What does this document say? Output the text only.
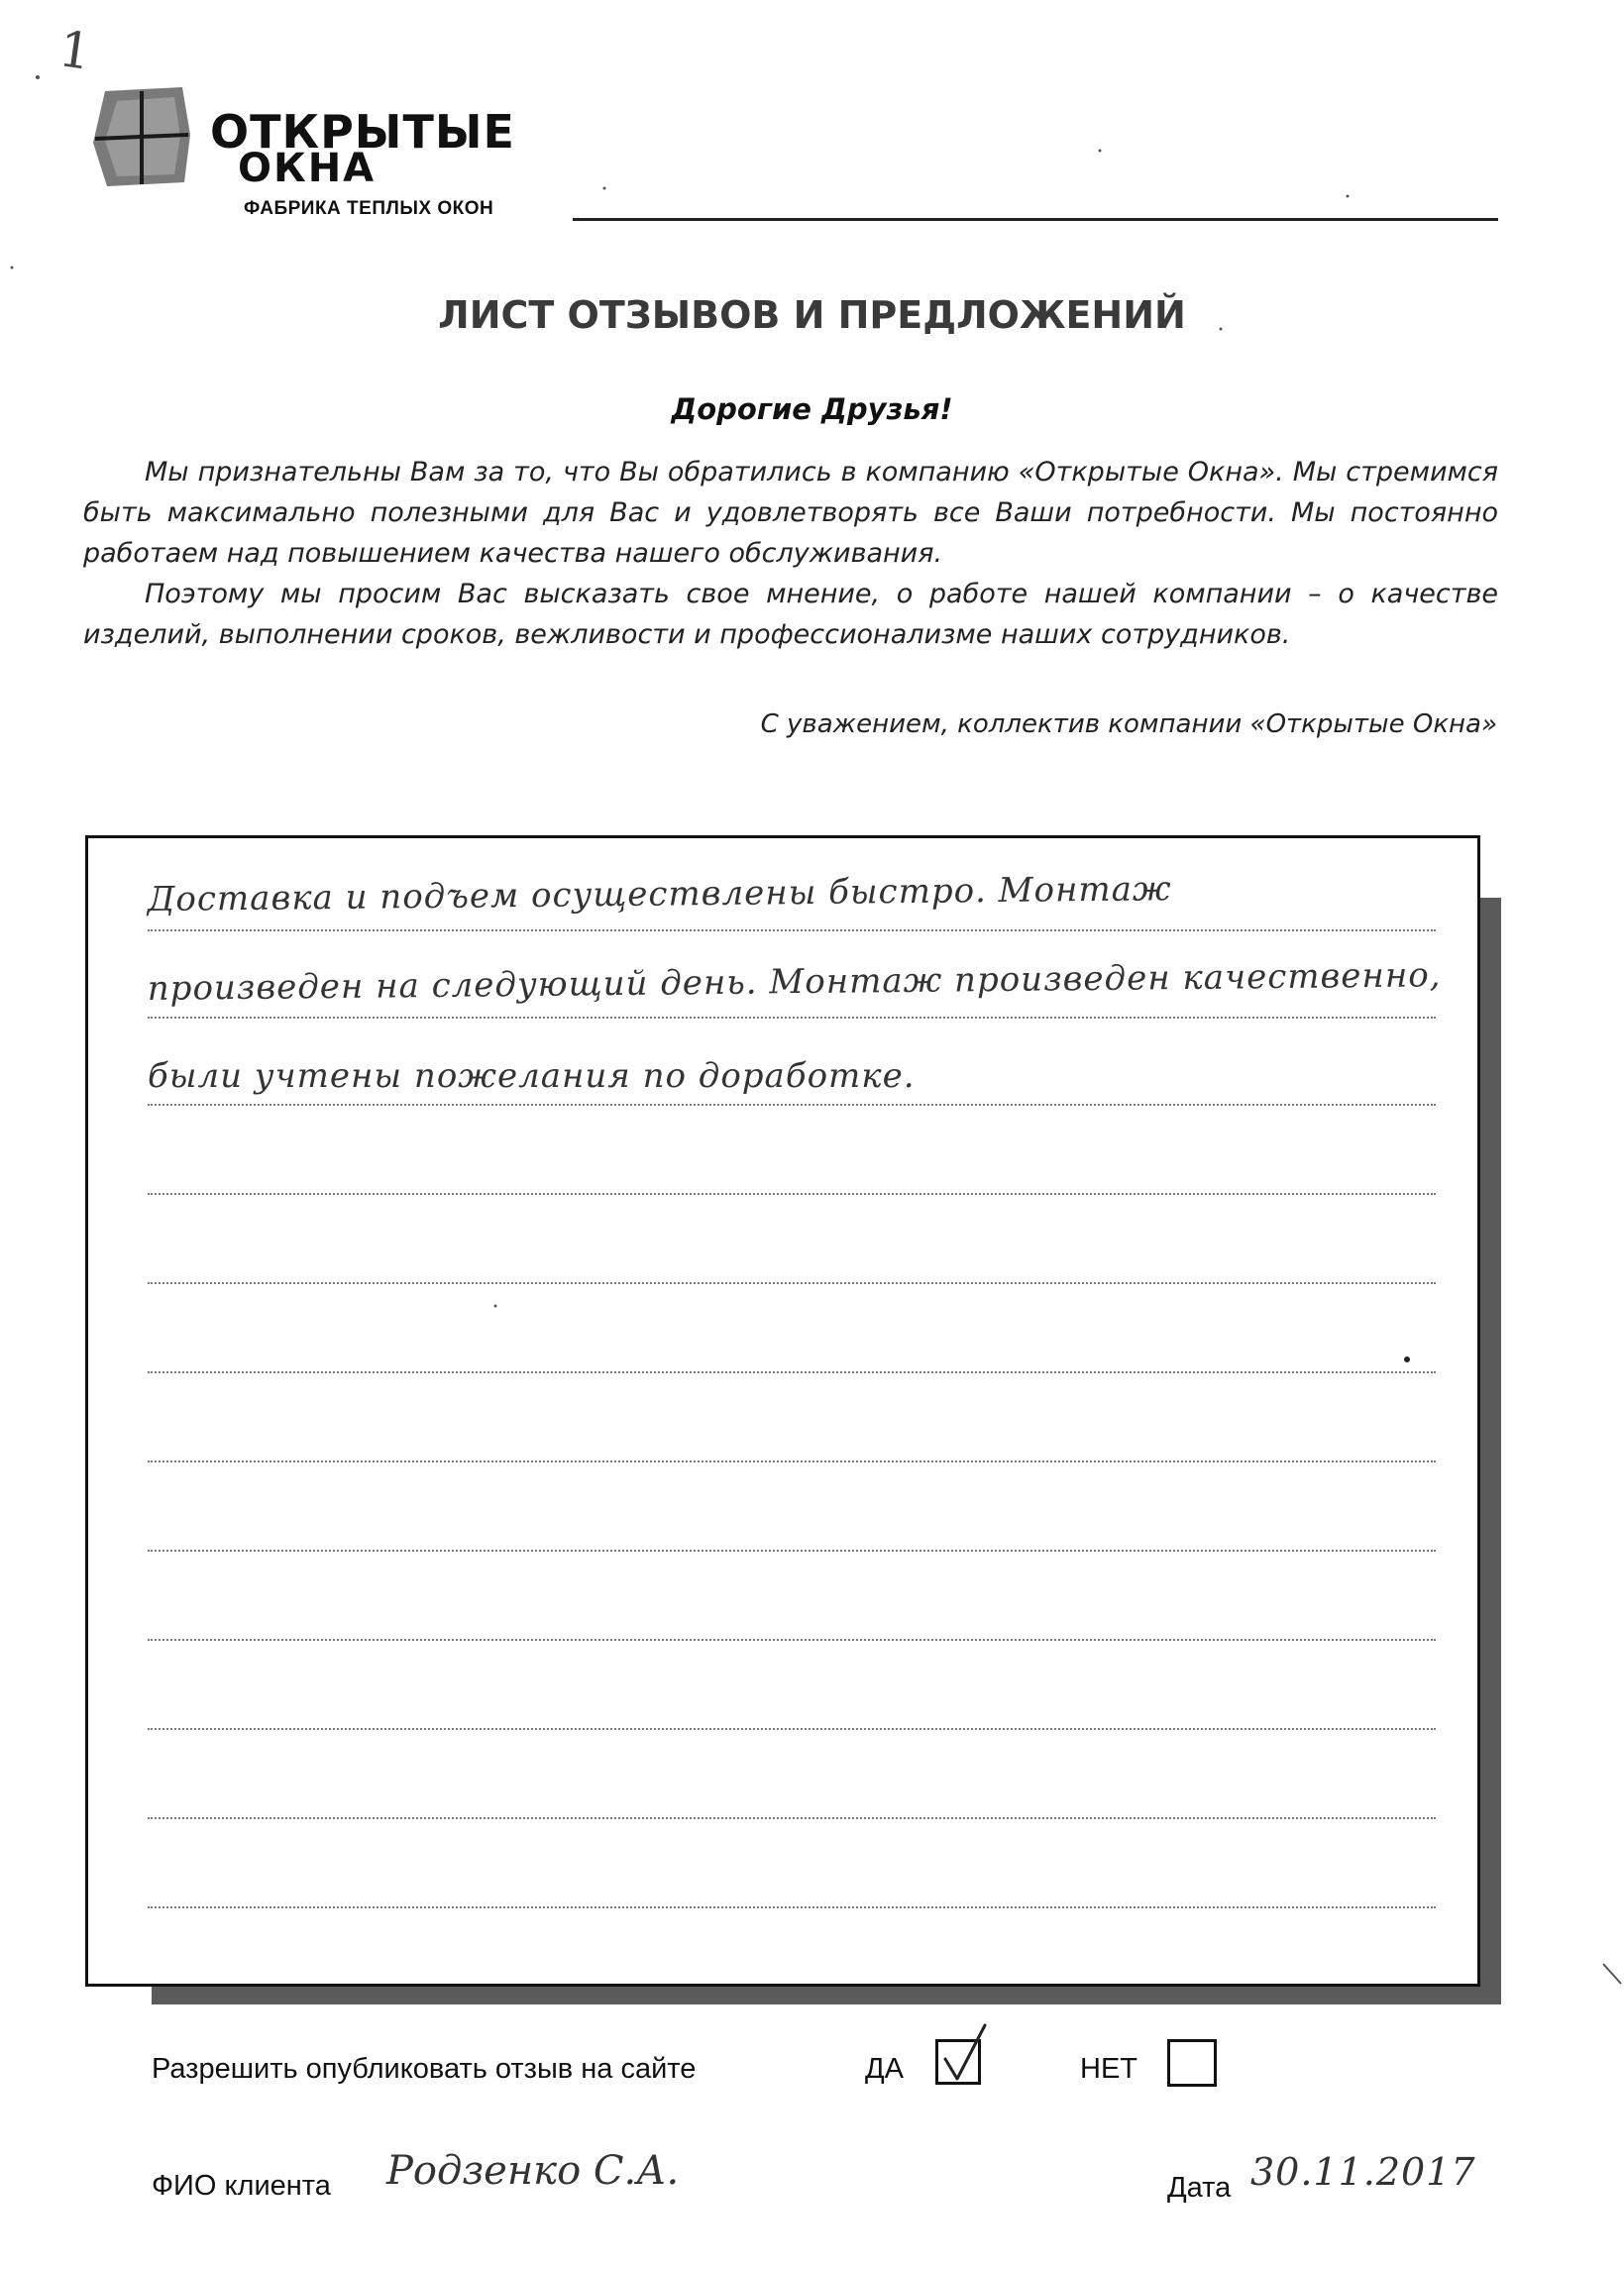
1
ОТКРЫТЫЕ
ОКНА
ФАБРИКА ТЕПЛЫХ ОКОН
ЛИСТ ОТЗЫВОВ И ПРЕДЛОЖЕНИЙ
Дорогие Друзья!

Мы признательны Вам за то, что Вы обратились в компанию «Открытые Окна». Мы стремимся быть максимально полезными для Вас и удовлетворять все Ваши потребности. Мы постоянно работаем над повышением качества нашего обслуживания.

Поэтому мы просим Вас высказать свое мнение, о работе нашей компании – о качестве изделий, выполнении сроков, вежливости и профессионализме наших сотрудников.

С уважением, коллектив компании «Открытые Окна»
Доставка и подъем осуществлены быстро. Монтаж
произведен на следующий день. Монтаж произведен качественно,
были учтены пожелания по доработке.
Разрешить опубликовать отзыв на сайте	ДА	НЕТ
ФИО клиента Родзенко С.А.	Дата 30.11.2017
